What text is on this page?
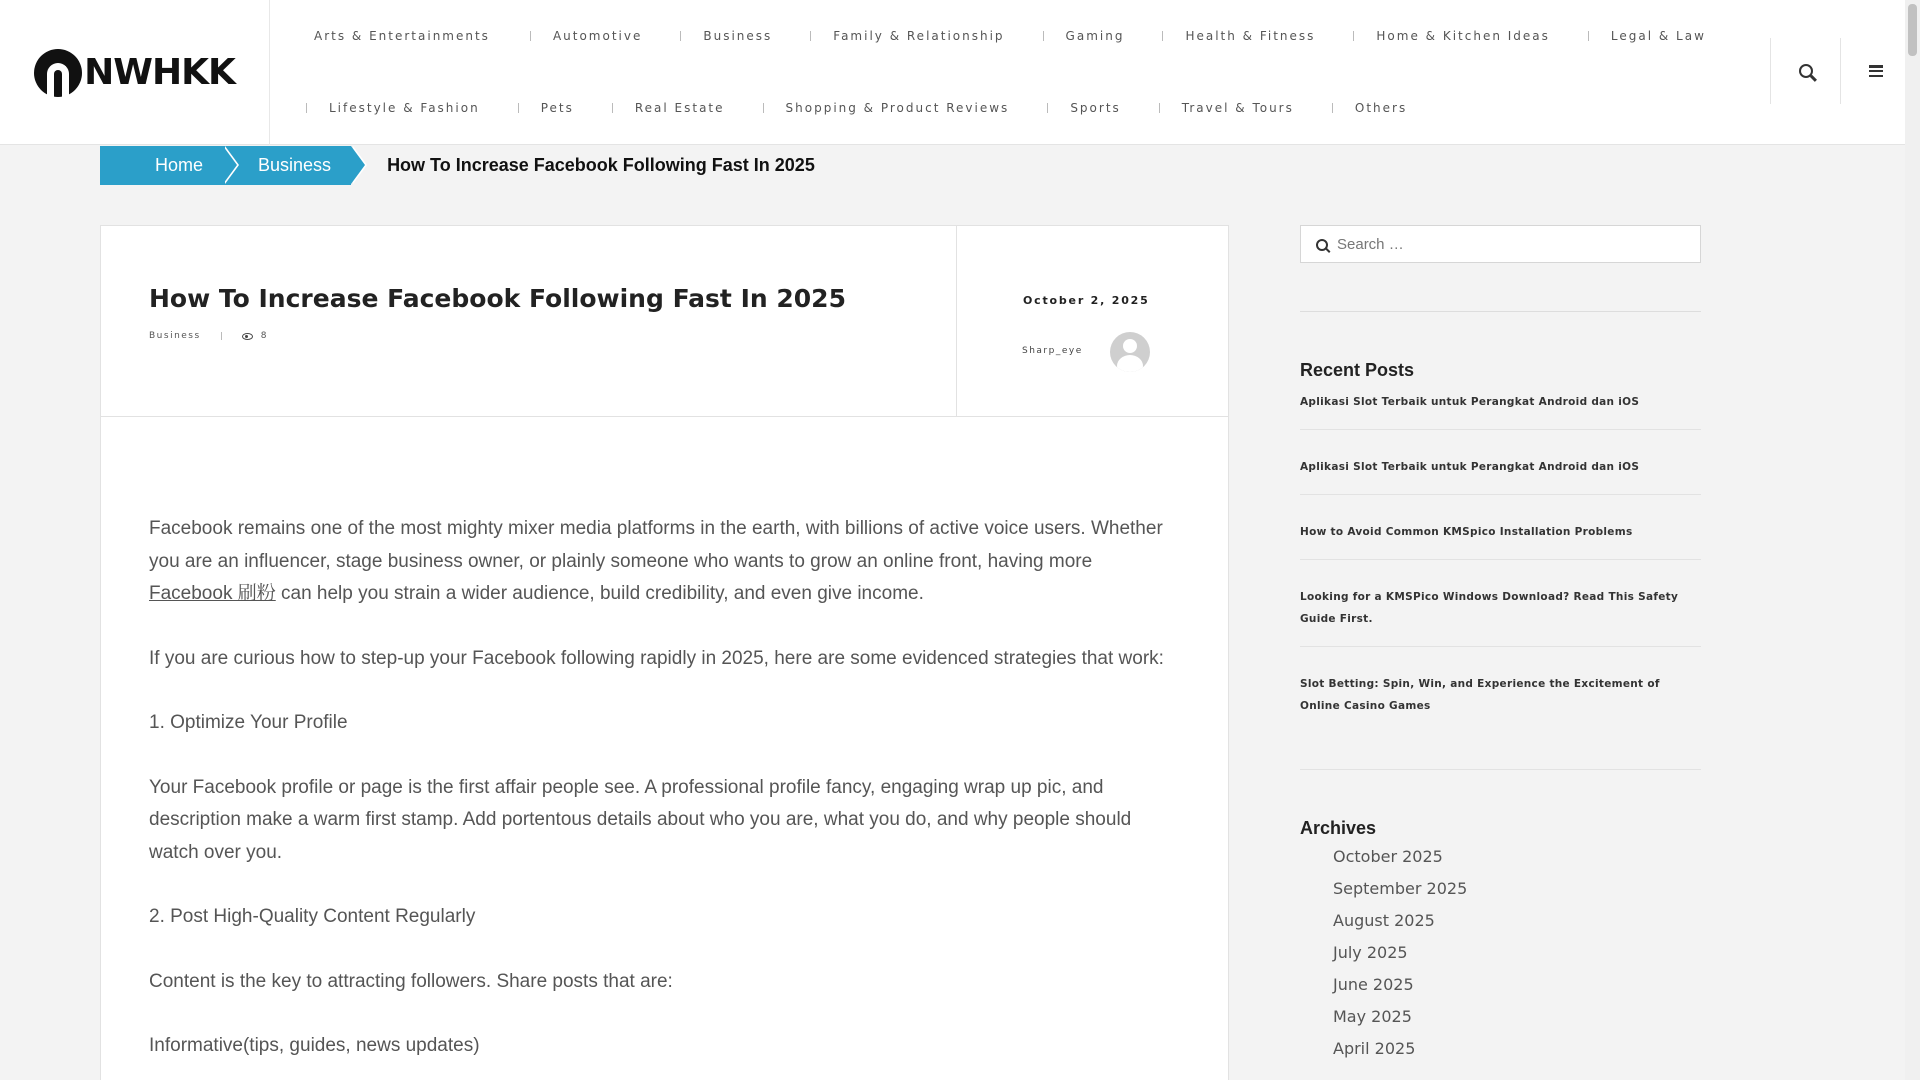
NWHKK
Arts & Entertainments	Automotive	Business	Family & Relationship	Gaming	Health & Fitness	Home & Kitchen Ideas	Legal & Law
Lifestyle & Fashion	Pets	Real Estate	Shopping & Product Reviews	Sports	Travel & Tours	Others
Home	Business	How To Increase Facebook Following Fast In 2025
How To Increase Facebook Following Fast In 2025
Business	8
October 2, 2025
Sharp_eye

Facebook remains one of the most mighty mixer media platforms in the earth, with billions of active voice users. Whether you are an influencer, stage business owner, or plainly someone who wants to grow an online front, having more Facebook 刷粉 can help you strain a wider audience, build credibility, and even give income.

If you are curious how to step-up your Facebook following rapidly in 2025, here are some evidenced strategies that work:

1. Optimize Your Profile

Your Facebook profile or page is the first affair people see. A professional profile fancy, engaging wrap up pic, and description make a warm first stamp. Add portentous details about who you are, what you do, and why people should watch over you.

2. Post High-Quality Content Regularly

Content is the key to attracting followers. Share posts that are:

Informative(tips, guides, news updates)

Search …
Recent Posts
Aplikasi Slot Terbaik untuk Perangkat Android dan iOS
Aplikasi Slot Terbaik untuk Perangkat Android dan iOS
How to Avoid Common KMSpico Installation Problems
Looking for a KMSPico Windows Download? Read This Safety Guide First.
Slot Betting: Spin, Win, and Experience the Excitement of Online Casino Games
Archives
October 2025
September 2025
August 2025
July 2025
June 2025
May 2025
April 2025
